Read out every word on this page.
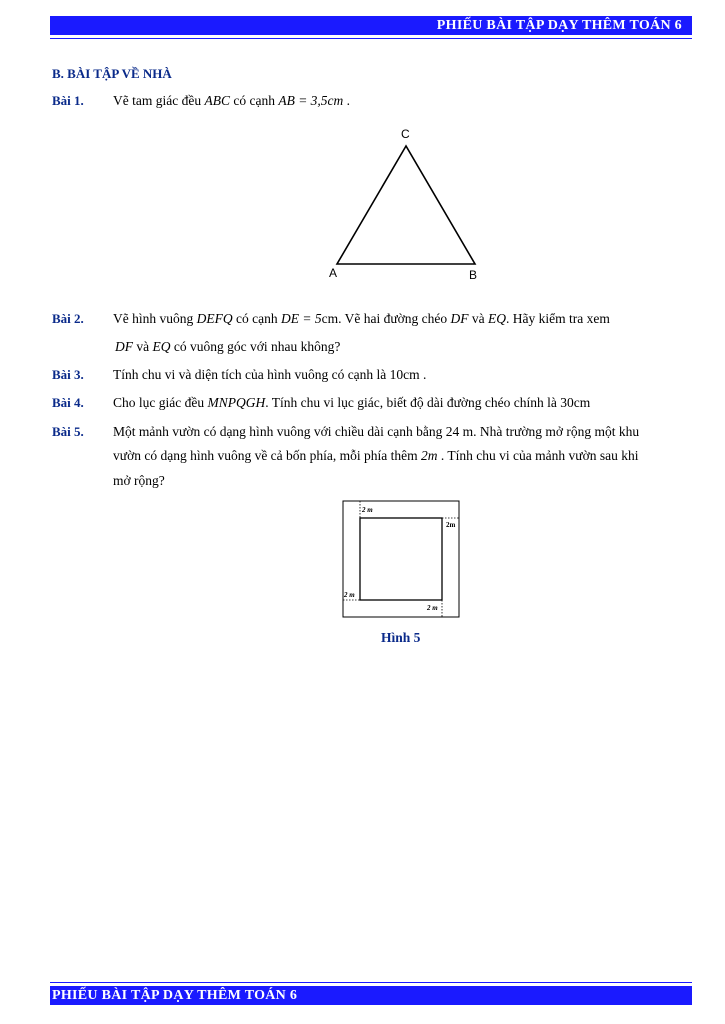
PHIẾU BÀI TẬP DẠY THÊM TOÁN 6
B. BÀI TẬP VỀ NHÀ
Bài 1. Vẽ tam giác đều ABC có cạnh AB = 3,5cm .
C
A	B
Bài 2. Vẽ hình vuông DEFQ có cạnh DE = 5cm. Vẽ hai đường chéo DF và EQ. Hãy kiểm tra xem
DF và EQ có vuông góc với nhau không?
Bài 3. Tính chu vi và diện tích của hình vuông có cạnh là 10cm .
Bài 4. Cho lục giác đều MNPQGH. Tính chu vi lục giác, biết độ dài đường chéo chính là 30cm
Bài 5. Một mảnh vườn có dạng hình vuông với chiều dài cạnh bằng 24 m. Nhà trường mở rộng một khu
vườn có dạng hình vuông về cả bốn phía, mỗi phía thêm 2m . Tính chu vi của mảnh vườn sau khi
mở rộng?
2 m
2m
2 m
2 m
Hình 5
PHIẾU BÀI TẬP DẠY THÊM TOÁN 6
